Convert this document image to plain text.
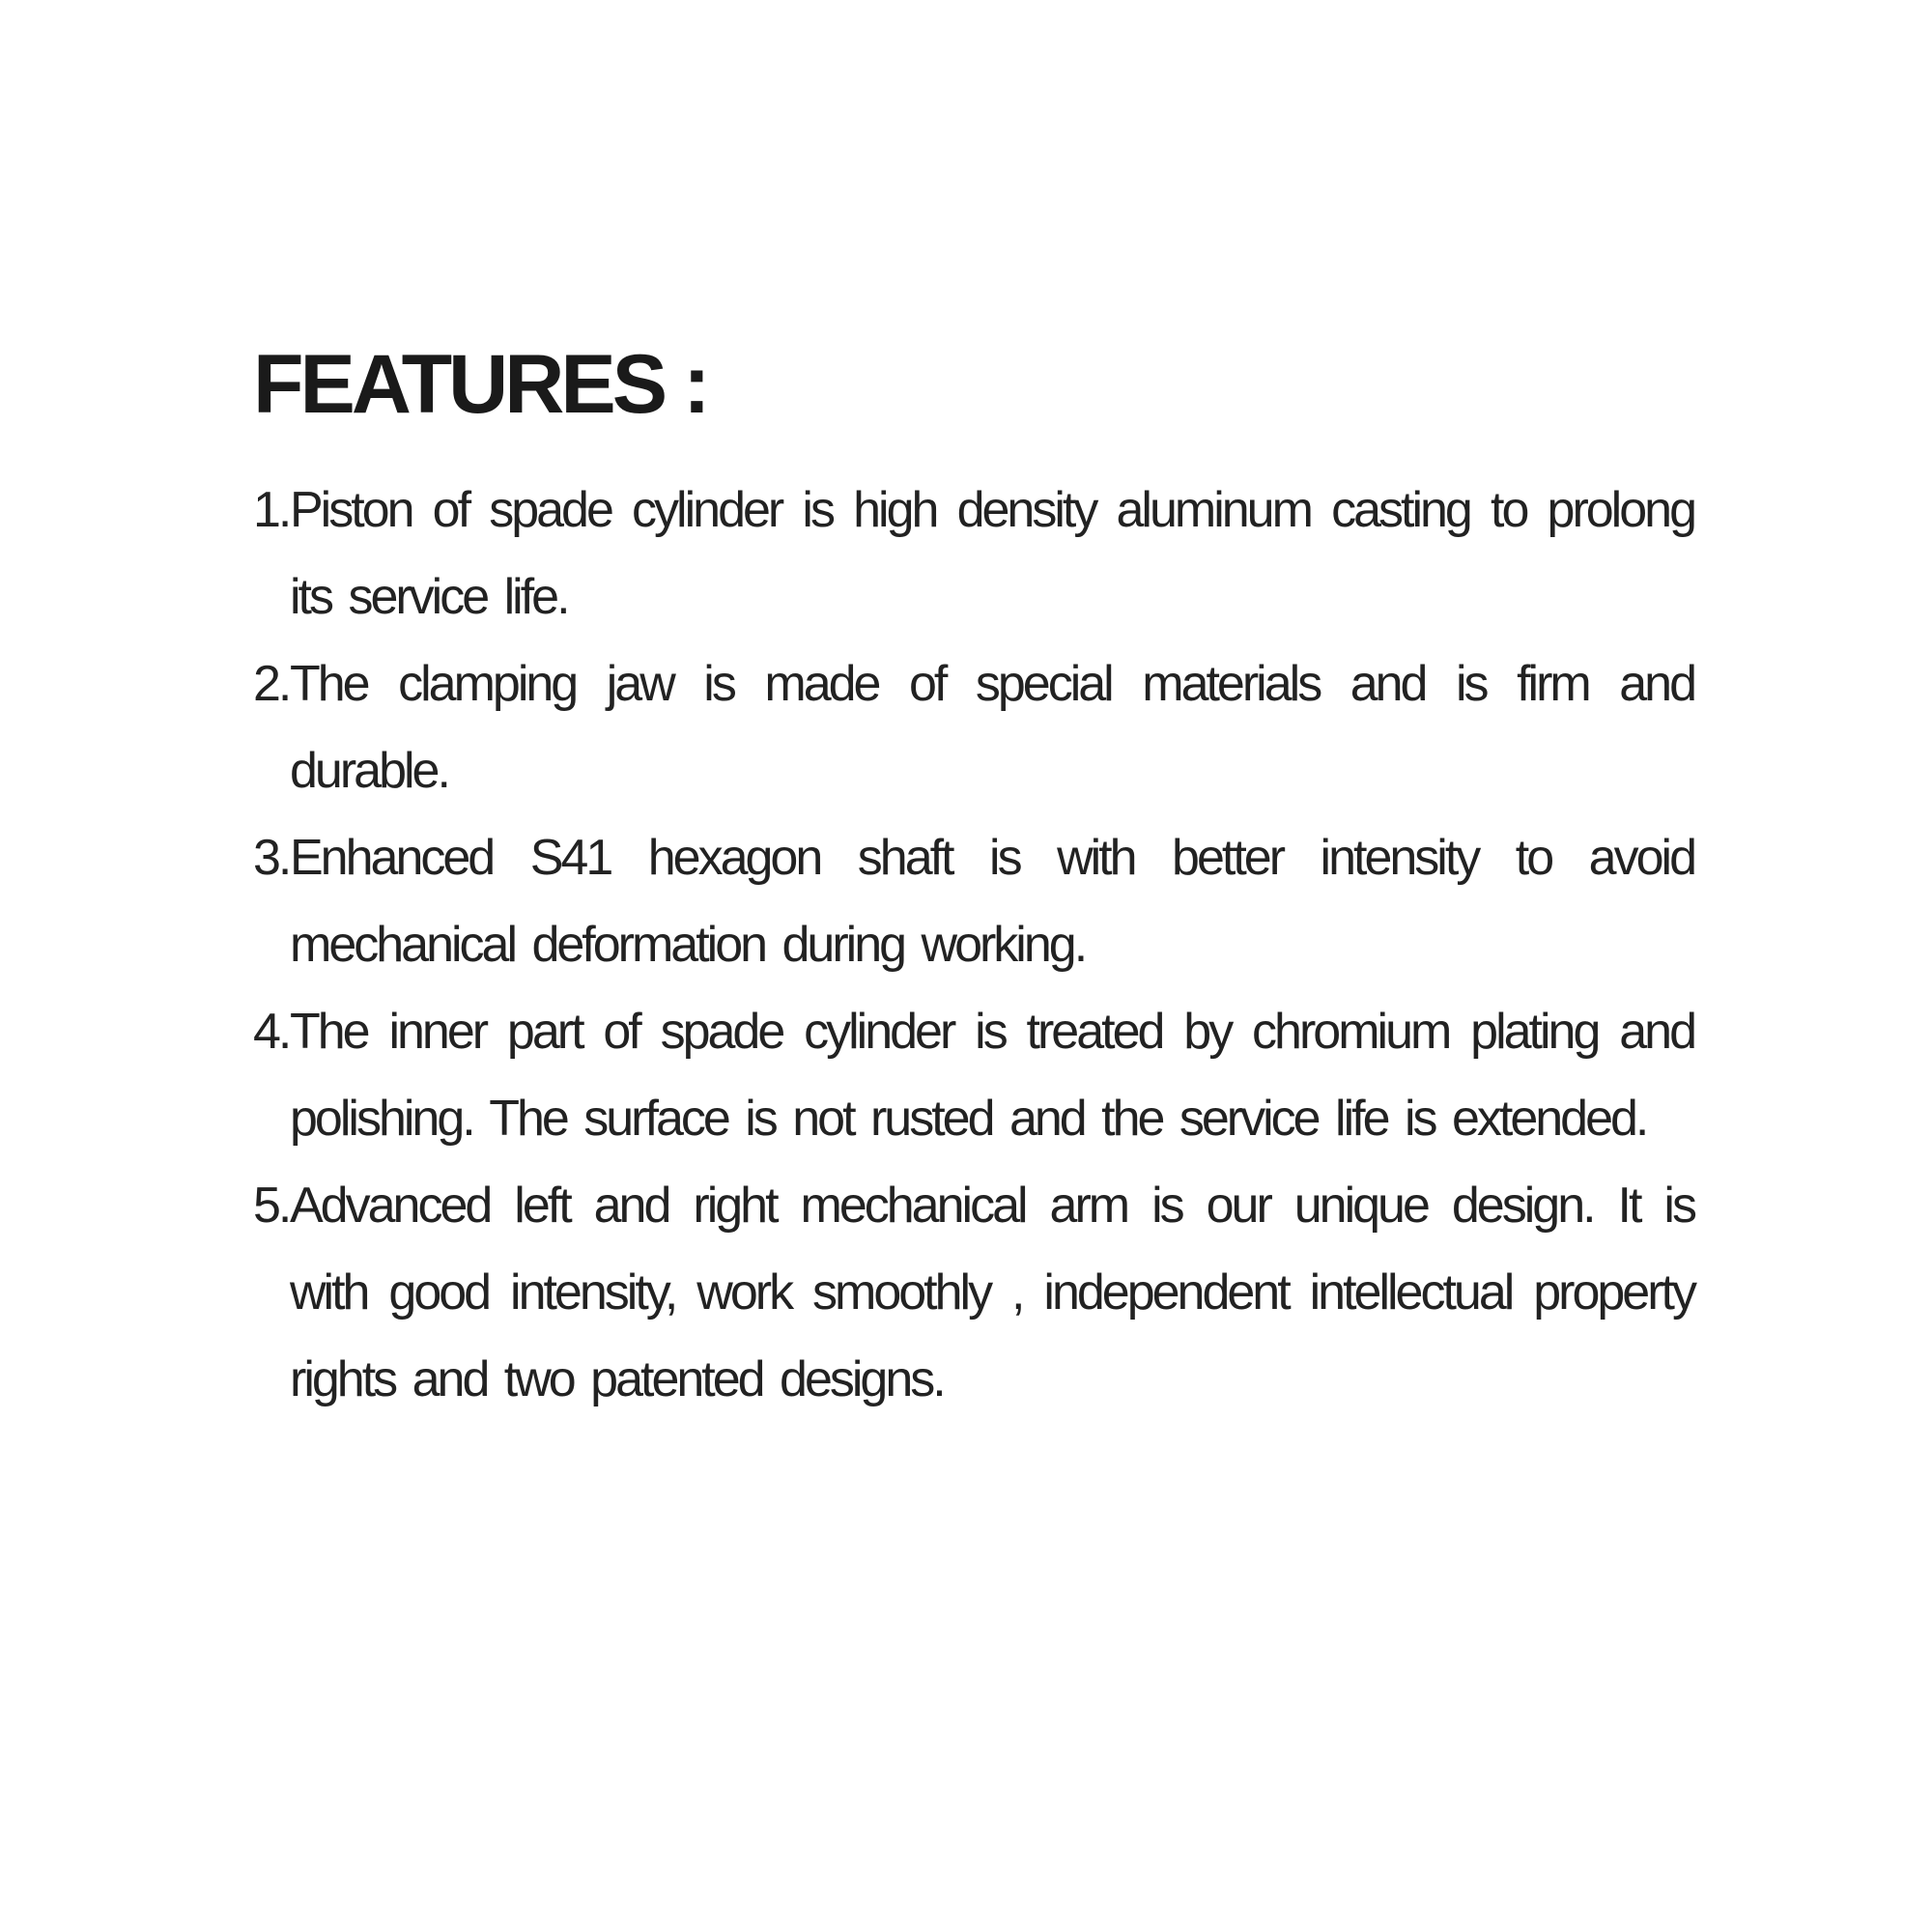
FEATURES :
1. Piston of spade cylinder is high density aluminum casting to prolong its service life.
2. The clamping jaw is made of special materials and is firm and durable.
3. Enhanced S41 hexagon shaft is with better intensity to avoid mechanical deformation during working.
4. The inner part of spade cylinder is treated by chromium plating and polishing. The surface is not rusted and the service life is extended.
5. Advanced left and right mechanical arm is our unique design. It is with good intensity, work smoothly , independent intellectual property rights and two patented designs.
